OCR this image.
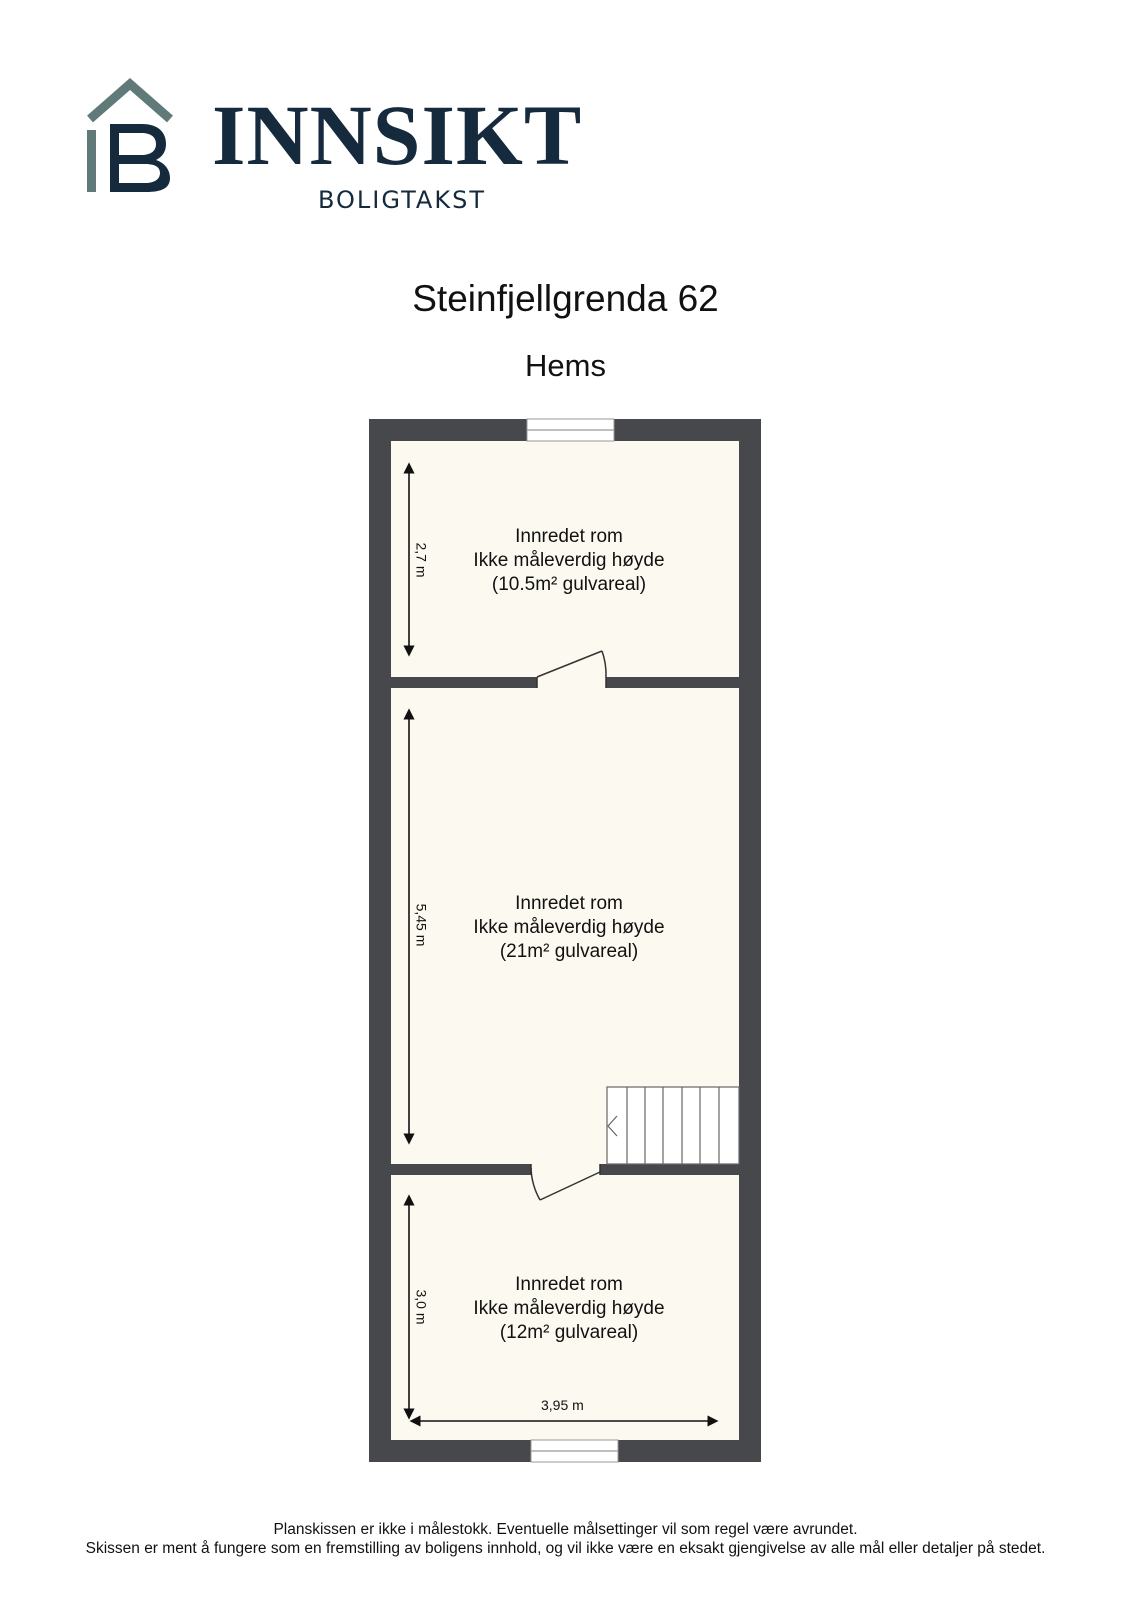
INNSIKT
BOLIGTAKST
Steinfjellgrenda 62
Hems
2,7 m
5,45 m
3,0 m
3,95 m
Innredet rom
Ikke måleverdig høyde
(10.5m² gulvareal)
Innredet rom
Ikke måleverdig høyde
(21m² gulvareal)
Innredet rom
Ikke måleverdig høyde
(12m² gulvareal)
Planskissen er ikke i målestokk. Eventuelle målsettinger vil som regel være avrundet.
Skissen er ment å fungere som en fremstilling av boligens innhold, og vil ikke være en eksakt gjengivelse av alle mål eller detaljer på stedet.
